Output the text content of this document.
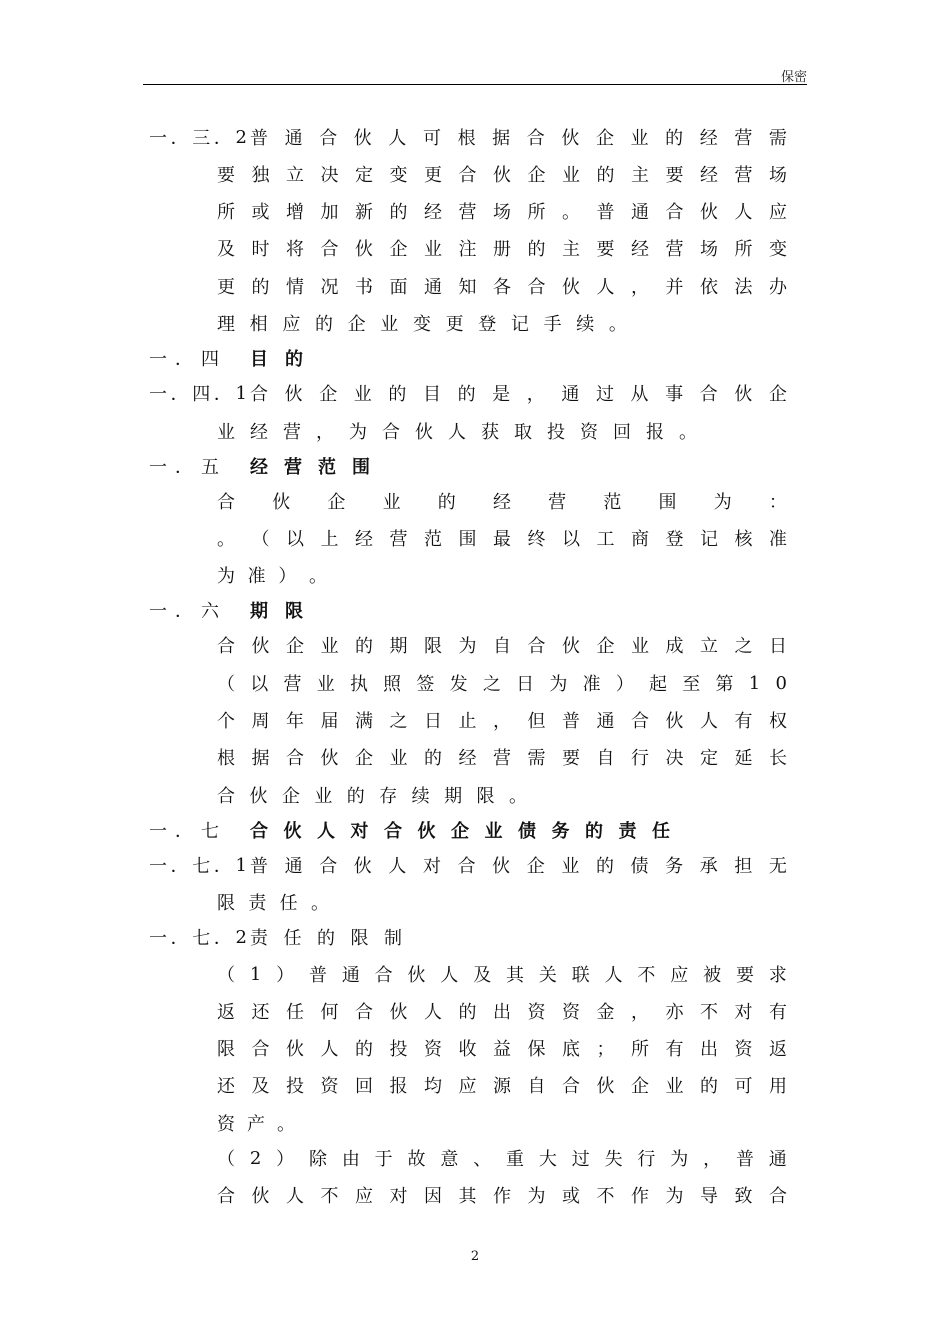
保密
一 ． 三 ． 2 普 通 合 伙 人 可 根 据 合 伙 企 业 的 经 营 需
要 独 立 决 定 变 更 合 伙 企 业 的 主 要 经 营 场
所 或 增 加 新 的 经 营 场 所 。 普 通 合 伙 人 应
及 时 将 合 伙 企 业 注 册 的 主 要 经 营 场 所 变
更 的 情 况 书 面 通 知 各 合 伙 人 ， 并 依 法 办
理 相 应 的 企 业 变 更 登 记 手 续 。
一 ． 四 目 的
一 ． 四 ． 1 合 伙 企 业 的 目 的 是 ， 通 过 从 事 合 伙 企
业 经 营 ， 为 合 伙 人 获 取 投 资 回 报 。
一 ． 五 经 营 范 围
合 伙 企 业 的 经 营 范 围 为 ：
。 （ 以 上 经 营 范 围 最 终 以 工 商 登 记 核 准
为 准 ） 。
一 ． 六 期 限
合 伙 企 业 的 期 限 为 自 合 伙 企 业 成 立 之 日
（ 以 营 业 执 照 签 发 之 日 为 准 ） 起 至 第 1 0
个 周 年 届 满 之 日 止 ， 但 普 通 合 伙 人 有 权
根 据 合 伙 企 业 的 经 营 需 要 自 行 决 定 延 长
合 伙 企 业 的 存 续 期 限 。
一 ． 七 合 伙 人 对 合 伙 企 业 债 务 的 责 任
一 ． 七 ． 1 普 通 合 伙 人 对 合 伙 企 业 的 债 务 承 担 无
限 责 任 。
一 ． 七 ． 2 责 任 的 限 制
（ 1 ） 普 通 合 伙 人 及 其 关 联 人 不 应 被 要 求
返 还 任 何 合 伙 人 的 出 资 资 金 ， 亦 不 对 有
限 合 伙 人 的 投 资 收 益 保 底 ； 所 有 出 资 返
还 及 投 资 回 报 均 应 源 自 合 伙 企 业 的 可 用
资 产 。
（ 2 ） 除 由 于 故 意 、 重 大 过 失 行 为 ， 普 通
合 伙 人 不 应 对 因 其 作 为 或 不 作 为 导 致 合
2
